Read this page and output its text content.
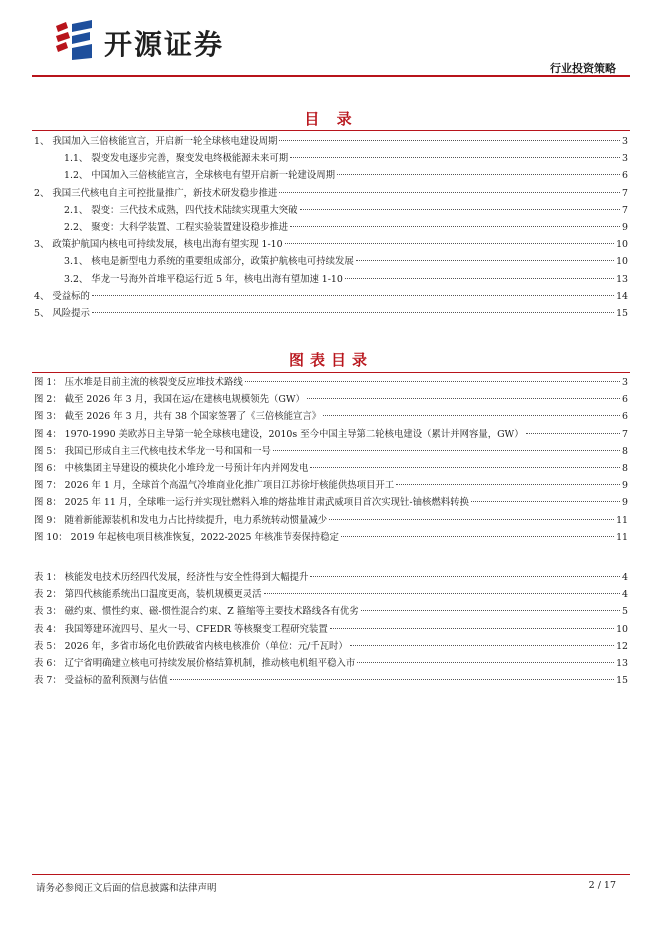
开源证券
行业投资策略
目 录
1、 我国加入三倍核能宣言，开启新一轮全球核电建设周期	3
1.1、 裂变发电逐步完善，聚变发电终极能源未来可期	3
1.2、 中国加入三倍核能宣言，全球核电有望开启新一轮建设周期	6
2、 我国三代核电自主可控批量推广，新技术研发稳步推进	7
2.1、 裂变：三代技术成熟，四代技术陆续实现重大突破	7
2.2、 聚变：大科学装置、工程实验装置建设稳步推进	9
3、 政策护航国内核电可持续发展，核电出海有望实现 1-10	10
3.1、 核电是新型电力系统的重要组成部分，政策护航核电可持续发展	10
3.2、 华龙一号海外首堆平稳运行近 5 年，核电出海有望加速 1-10	13
4、 受益标的	14
5、 风险提示	15
图表目录
图 1： 压水堆是目前主流的核裂变反应堆技术路线	3
图 2： 截至 2026 年 3 月，我国在运/在建核电规模领先（GW）	6
图 3： 截至 2026 年 3 月，共有 38 个国家签署了《三倍核能宣言》	6
图 4： 1970-1990 美欧苏日主导第一轮全球核电建设，2010s 至今中国主导第二轮核电建设（累计并网容量，GW）	7
图 5： 我国已形成自主三代核电技术华龙一号和国和一号	8
图 6： 中核集团主导建设的模块化小堆玲龙一号预计年内并网发电	8
图 7： 2026 年 1 月，全球首个高温气冷堆商业化推广项目江苏徐圩核能供热项目开工	9
图 8： 2025 年 11 月，全球唯一运行并实现钍燃料入堆的熔盐堆甘肃武威项目首次实现钍-铀核燃料转换	9
图 9： 随着新能源装机和发电力占比持续提升，电力系统转动惯量减少	11
图 10： 2019 年起核电项目核准恢复，2022-2025 年核准节奏保持稳定	11
表 1： 核能发电技术历经四代发展，经济性与安全性得到大幅提升	4
表 2： 第四代核能系统出口温度更高，装机规模更灵活	4
表 3： 磁约束、惯性约束、磁-惯性混合约束、Z 箍缩等主要技术路线各有优劣	5
表 4： 我国筹建环流四号、星火一号、CFEDR 等核聚变工程研究装置	10
表 5： 2026 年，多省市场化电价跌破省内核电核准价（单位：元/千瓦时）	12
表 6： 辽宁省明确建立核电可持续发展价格结算机制，推动核电机组平稳入市	13
表 7： 受益标的盈利预测与估值	15
请务必参阅正文后面的信息披露和法律声明	2 / 17
